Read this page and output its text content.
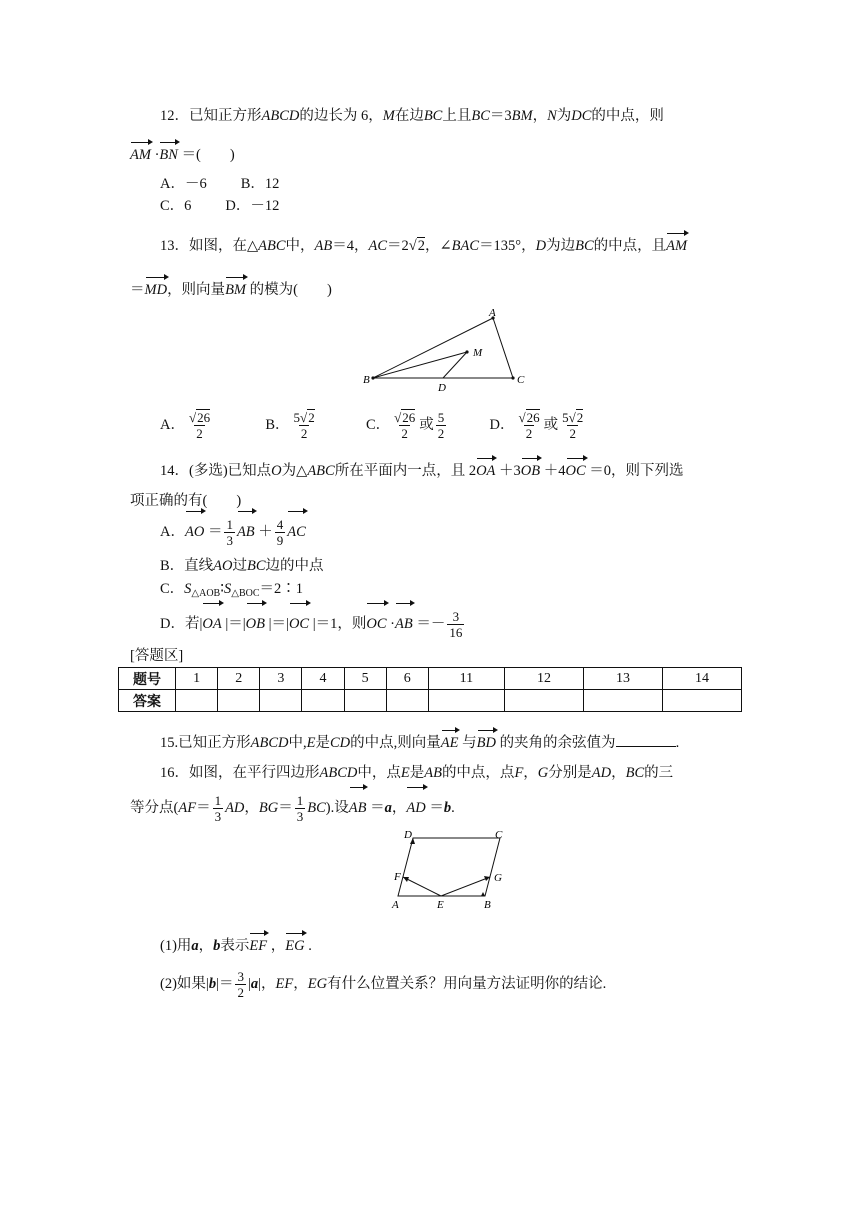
12．已知正方形ABCD的边长为 6，M在边BC上且BC＝3BM，N为DC的中点，则
AM ·BN ＝(　　)
A．－6 B．12
C．6 D．－12
13．如图，在△ABC中，AB＝4，AC＝2√2，∠BAC＝135°，D为边BC的中点，且AM
＝MD，则向量BM 的模为(　　)
A
M
B
D
C
A． $\frac{√26}{2}$	B． $\frac{5√2}{2}$	C． $\frac{√26}{2}$ 或 $\frac{5}{2}$	D． $\frac{√26}{2}$ 或 $\frac{5√2}{2}$
14．(多选)已知点O为△ABC所在平面内一点，且 2OA ＋3OB ＋4OC ＝0，则下列选
项正确的有(　　)
A．AO ＝ $\frac{1}{3}$ AB ＋ $\frac{4}{9}$ AC
B．直线AO过BC边的中点
C．$S_{\triangle AOB}∶S_{\triangle BOC}=2∶1$
D．若|OA |＝|OB |＝|OC |＝1，则OC $\cdot AB =- \frac{3}{16}$
[答题区]
题号	1	2	3	4	5	6	11	12	13	14
答案										
15.已知正方形ABCD中,E是CD的中点,则向量AE 与BD 的夹角的余弦值为	.
16．如图，在平行四边形ABCD中，点E是AB的中点，点F，G分别是AD，BC的三
等分点($AF= \frac{1}{3}$ AD，$BG= \frac{1}{3} BC$).设AB ＝a，AD ＝b.
D	C
F	G
A	E	B
(1)用a，b表示EF ，EG .
(2)如果$|b|= \frac{3}{2} |a|$，EF，EG有什么位置关系？用向量方法证明你的结论.
